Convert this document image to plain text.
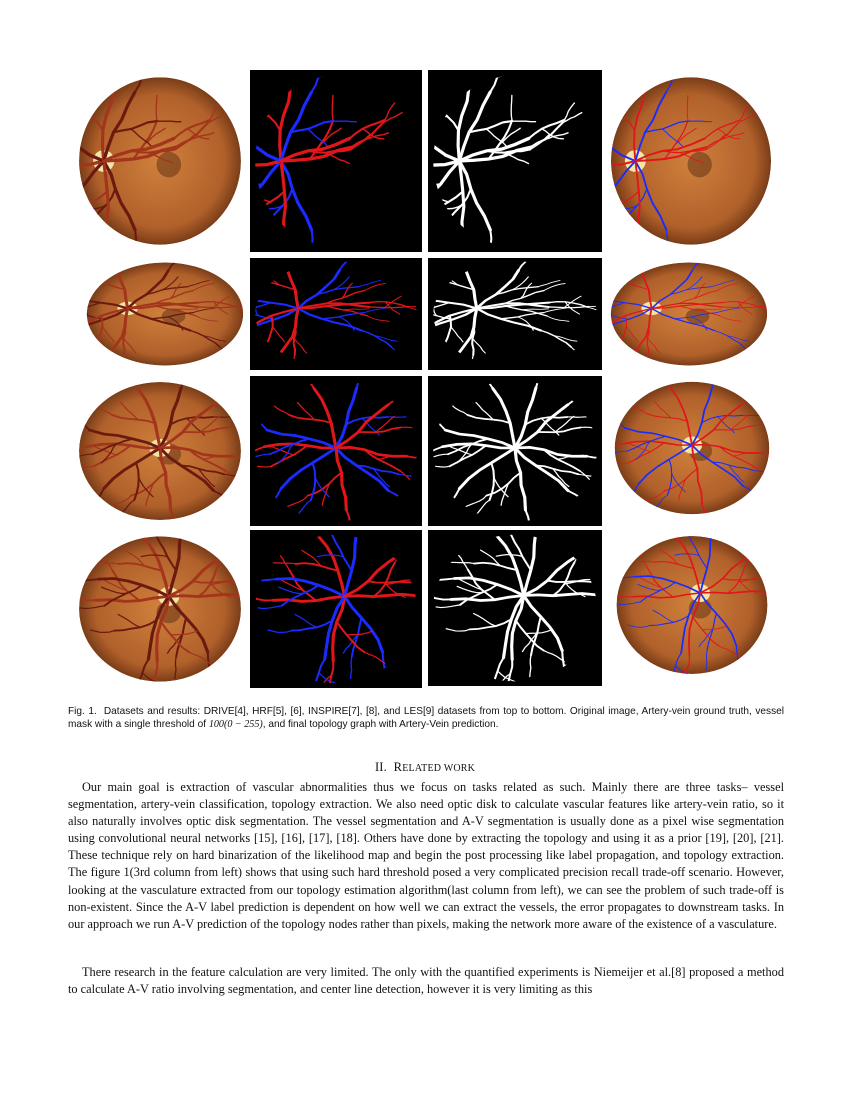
Fig. 1. Datasets and results: DRIVE[4], HRF[5], [6], INSPIRE[7], [8], and LES[9] datasets from top to bottom. Original image, Artery-vein ground truth, vessel mask with a single threshold of 100(0 − 255), and final topology graph with Artery-Vein prediction.
II. RELATED WORK

Our main goal is extraction of vascular abnormalities thus we focus on tasks related as such. Mainly there are three tasks– vessel segmentation, artery-vein classification, topology extraction. We also need optic disk to calculate vascular features like artery-vein ratio, so it also naturally involves optic disk segmentation. The vessel segmentation and A-V segmentation is usually done as a pixel wise segmentation using convolutional neural networks [15], [16], [17], [18]. Others have done by extracting the topology and using it as a prior [19], [20], [21]. These technique rely on hard binarization of the likelihood map and begin the post processing like label propagation, and topology extraction. The figure 1(3rd column from left) shows that using such hard threshold posed a very complicated precision recall trade-off scenario. However, looking at the vasculature extracted from our topology estimation algorithm(last column from left), we can see the problem of such trade-off is non-existent. Since the A-V label prediction is dependent on how well we can extract the vessels, the error propagates to downstream tasks. In our approach we run A-V prediction of the topology nodes rather than pixels, making the network more aware of the existence of a vasculature.

There research in the feature calculation are very limited. The only with the quantified experiments is Niemeijer et al.[8] proposed a method to calculate A-V ratio involving segmentation, and center line detection, however it is very limiting as this
